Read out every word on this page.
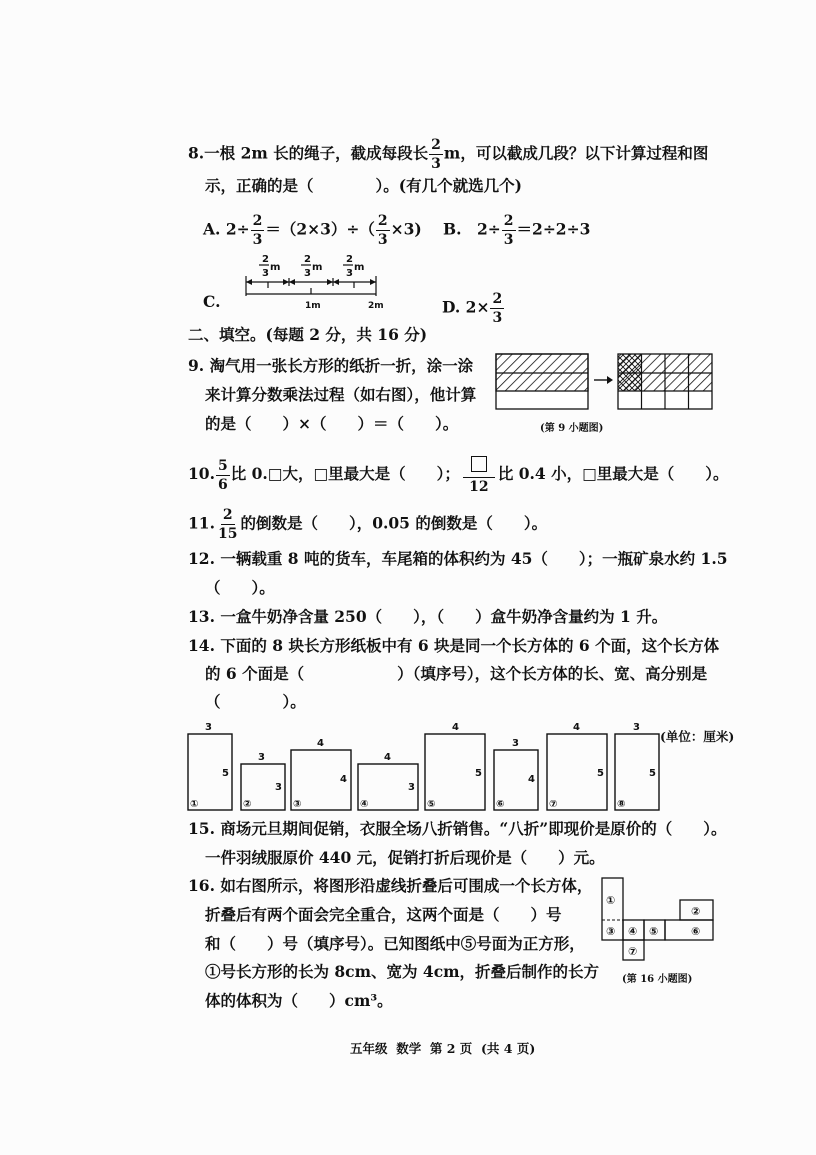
8.一根 2m 长的绳子，截成每段长 $\frac{2}{3}$ m，可以截成几段？以下计算过程和图
示，正确的是（　　　　）。(有几个就选几个)
A. $2\div \frac{2}{3} =(2\times 3)\div( \frac{2}{3} \times 3)$ B.　$2\div \frac{2}{3} =2\div 2\div 3$
C.
2
3
m
2
3
m
2
3
m
1m	2m	D. $2\times \frac{2}{3}$
二、填空。(每题 2 分，共 16 分)
9. 淘气用一张长方形的纸折一折，涂一涂
来计算分数乘法过程（如右图），他计算
的是（　　）×（　　）＝（　　）。	(第 9 小题图)
10. $\frac{5}{6}$ 比 0.□大，□里最大是（　　）；
12
比 0.4 小，□里最大是（　　）。
11. $\frac{2}{15}$ 的倒数是（　　），0.05 的倒数是（　　）。
12. 一辆载重 8 吨的货车，车尾箱的体积约为 45（　　）；一瓶矿泉水约 1.5
（　　）。
13. 一盒牛奶净含量 250（　　），（　　）盒牛奶净含量约为 1 升。
14. 下面的 8 块长方形纸板中有 6 块是同一个长方体的 6 个面，这个长方体
的 6 个面是（　　　　　　）（填序号），这个长方体的长、宽、高分别是
（　　　　）。
3
5
①
3
3
②
4
4
③
4
3
④
4
5
⑤
3
4
⑥
4
5
⑦
3
5
⑧
(单位：厘米)
15. 商场元旦期间促销，衣服全场八折销售。“八折”即现价是原价的（　　）。
一件羽绒服原价 440 元，促销打折后现价是（　　）元。
16. 如右图所示，将图形沿虚线折叠后可围成一个长方体，
折叠后有两个面会完全重合，这两个面是（　　）号
和（　　）号（填序号）。已知图纸中⑤号面为正方形，
①号长方形的长为 8cm、宽为 4cm，折叠后制作的长方
体的体积为（　　）cm³。
①
②
③ ④ ⑤	⑥
⑦
(第 16 小题图)
五年级  数学  第 2 页  (共 4 页)
